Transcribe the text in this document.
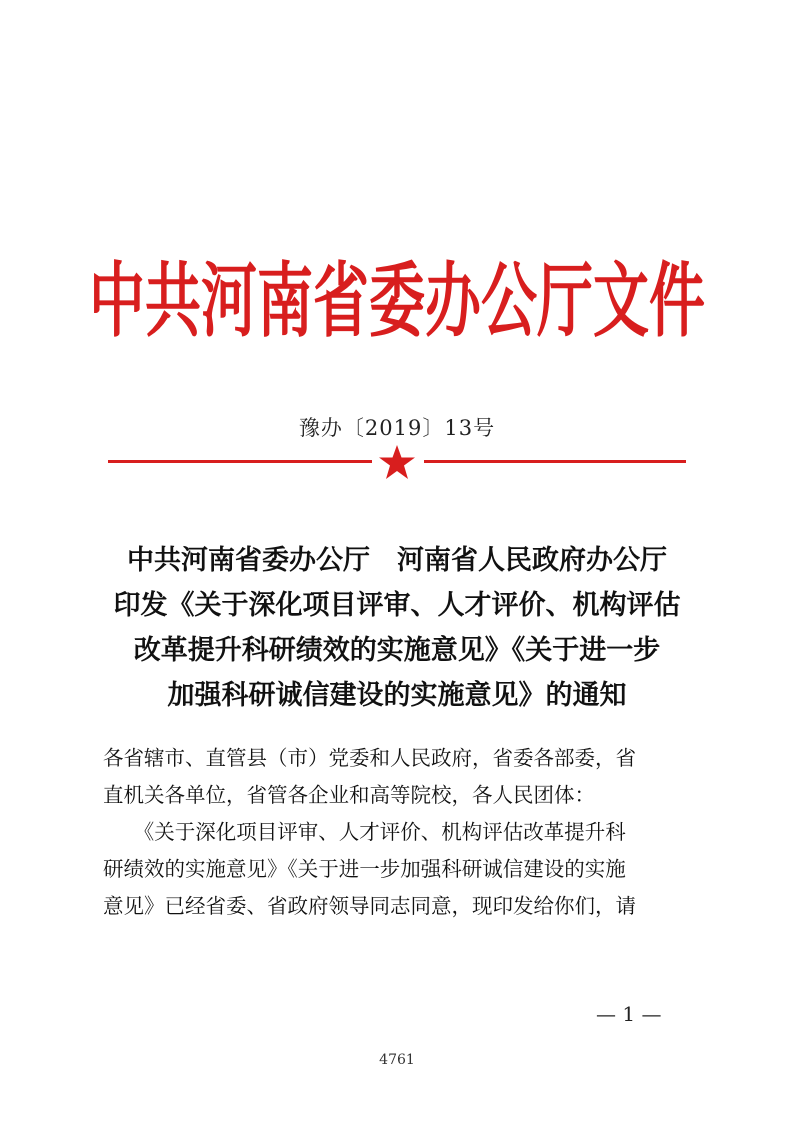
中共河南省委办公厅文件
豫办〔2019〕13号
中共河南省委办公厅　河南省人民政府办公厅
印发《关于深化项目评审、人才评价、机构评估
改革提升科研绩效的实施意见》《关于进一步
加强科研诚信建设的实施意见》的通知
各省辖市、直管县（市）党委和人民政府，省委各部委，省
直机关各单位，省管各企业和高等院校，各人民团体：
　　《关于深化项目评审、人才评价、机构评估改革提升科
研绩效的实施意见》《关于进一步加强科研诚信建设的实施
意见》已经省委、省政府领导同志同意，现印发给你们，请
— 1 —
4761
